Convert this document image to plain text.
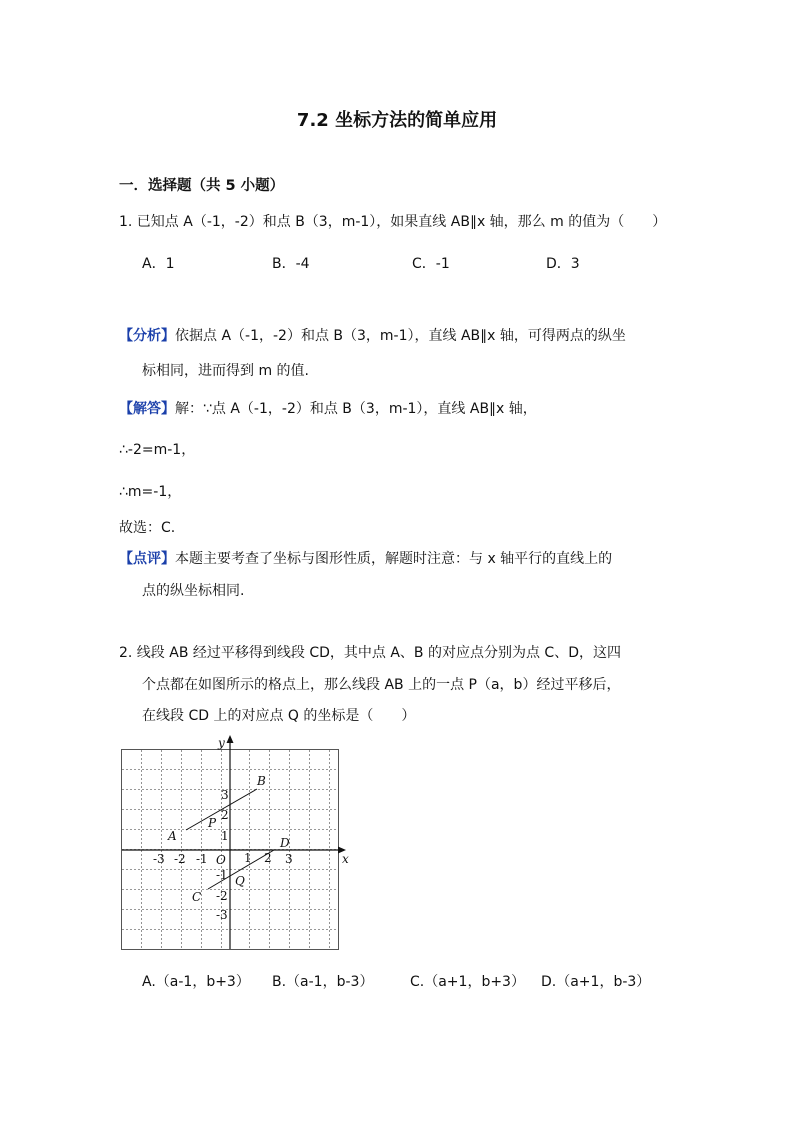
7.2 坐标方法的简单应用
一．选择题（共 5 小题）
1. 已知点 A（-1，-2）和点 B（3，m-1），如果直线 AB∥x 轴，那么 m 的值为（　　）
A．1	B．-4	C．-1	D．3
【分析】依据点 A（-1，-2）和点 B（3，m-1），直线 AB∥x 轴，可得两点的纵坐
标相同，进而得到 m 的值.
【解答】解：∵点 A（-1，-2）和点 B（3，m-1），直线 AB∥x 轴，
∴-2=m-1，
∴m=-1，
故选：C.
【点评】本题主要考查了坐标与图形性质，解题时注意：与 x 轴平行的直线上的
点的纵坐标相同.
2. 线段 AB 经过平移得到线段 CD，其中点 A、B 的对应点分别为点 C、D，这四
个点都在如图所示的格点上，那么线段 AB 上的一点 P（a，b）经过平移后，
在线段 CD 上的对应点 Q 的坐标是（　　）
x
y
O
-3 -2 -1	1 2 3
3
2
1
-1
-2
-3
A
B
C
D
P
Q
A.（a-1，b+3） B.（a-1，b-3）	C.（a+1，b+3） D.（a+1，b-3）
